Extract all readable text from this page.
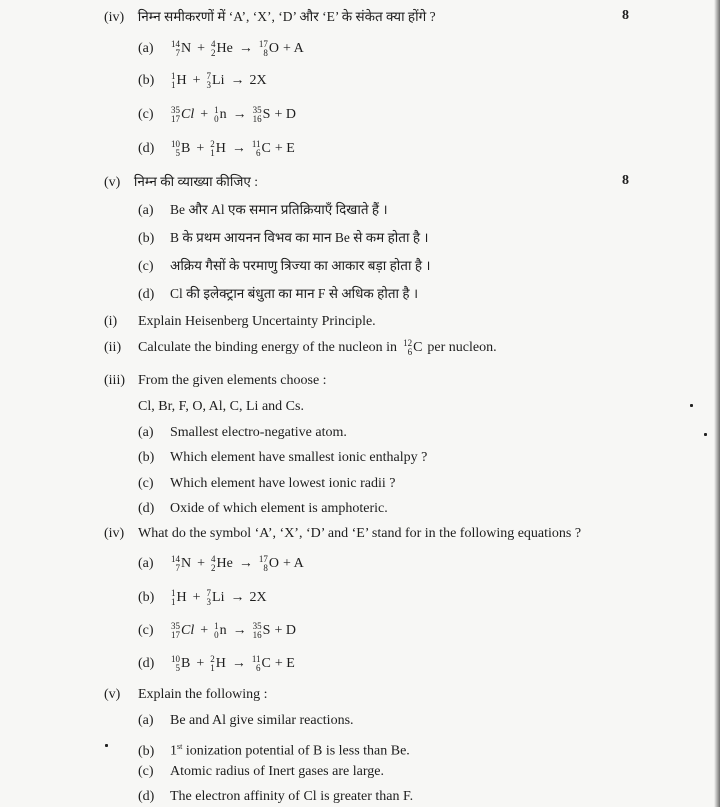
(iv) निम्न समीकरणों में ‘A’, ‘X’, ‘D’ और ‘E’ के संकेत क्या होंगे ?	8
(a)	14
7 N + 4
2 He → 17
8 O + A
(b)	1
1 H + 7
3 Li → 2X
(c)	35
17 Cl + 1
0 n → 35
16 S + D
(d)	10
5 B + 2
1 H → 11
6 C + E
(v) निम्न की व्याख्या कीजिए :	8
(a) Be और Al एक समान प्रतिक्रियाएँ दिखाते हैं ।
(b) B के प्रथम आयनन विभव का मान Be से कम होता है ।
(c) अक्रिय गैसों के परमाणु त्रिज्या का आकार बड़ा होता है ।
(d) Cl की इलेक्ट्रान बंधुता का मान F से अधिक होता है ।
(i) Explain Heisenberg Uncertainty Principle.
(ii)	Calculate the binding energy of the nucleon in 12
6 C per nucleon.
(iii) From the given elements choose :
Cl, Br, F, O, Al, C, Li and Cs.
(a) Smallest electro-negative atom.
(b) Which element have smallest ionic enthalpy ?
(c) Which element have lowest ionic radii ?
(d) Oxide of which element is amphoteric.
(iv) What do the symbol ‘A’, ‘X’, ‘D’ and ‘E’ stand for in the following equations ?
(a)	14
7 N + 4
2 He → 17
8 O + A
(b)	1
1 H + 7
3 Li → 2X
(c)	35
17 Cl + 1
0 n → 35
16 S + D
(d)	10
5 B + 2
1 H → 11
6 C + E
(v) Explain the following :
(a) Be and Al give similar reactions.
(b) 1st ionization potential of B is less than Be.
(c) Atomic radius of Inert gases are large.
(d) The electron affinity of Cl is greater than F.
